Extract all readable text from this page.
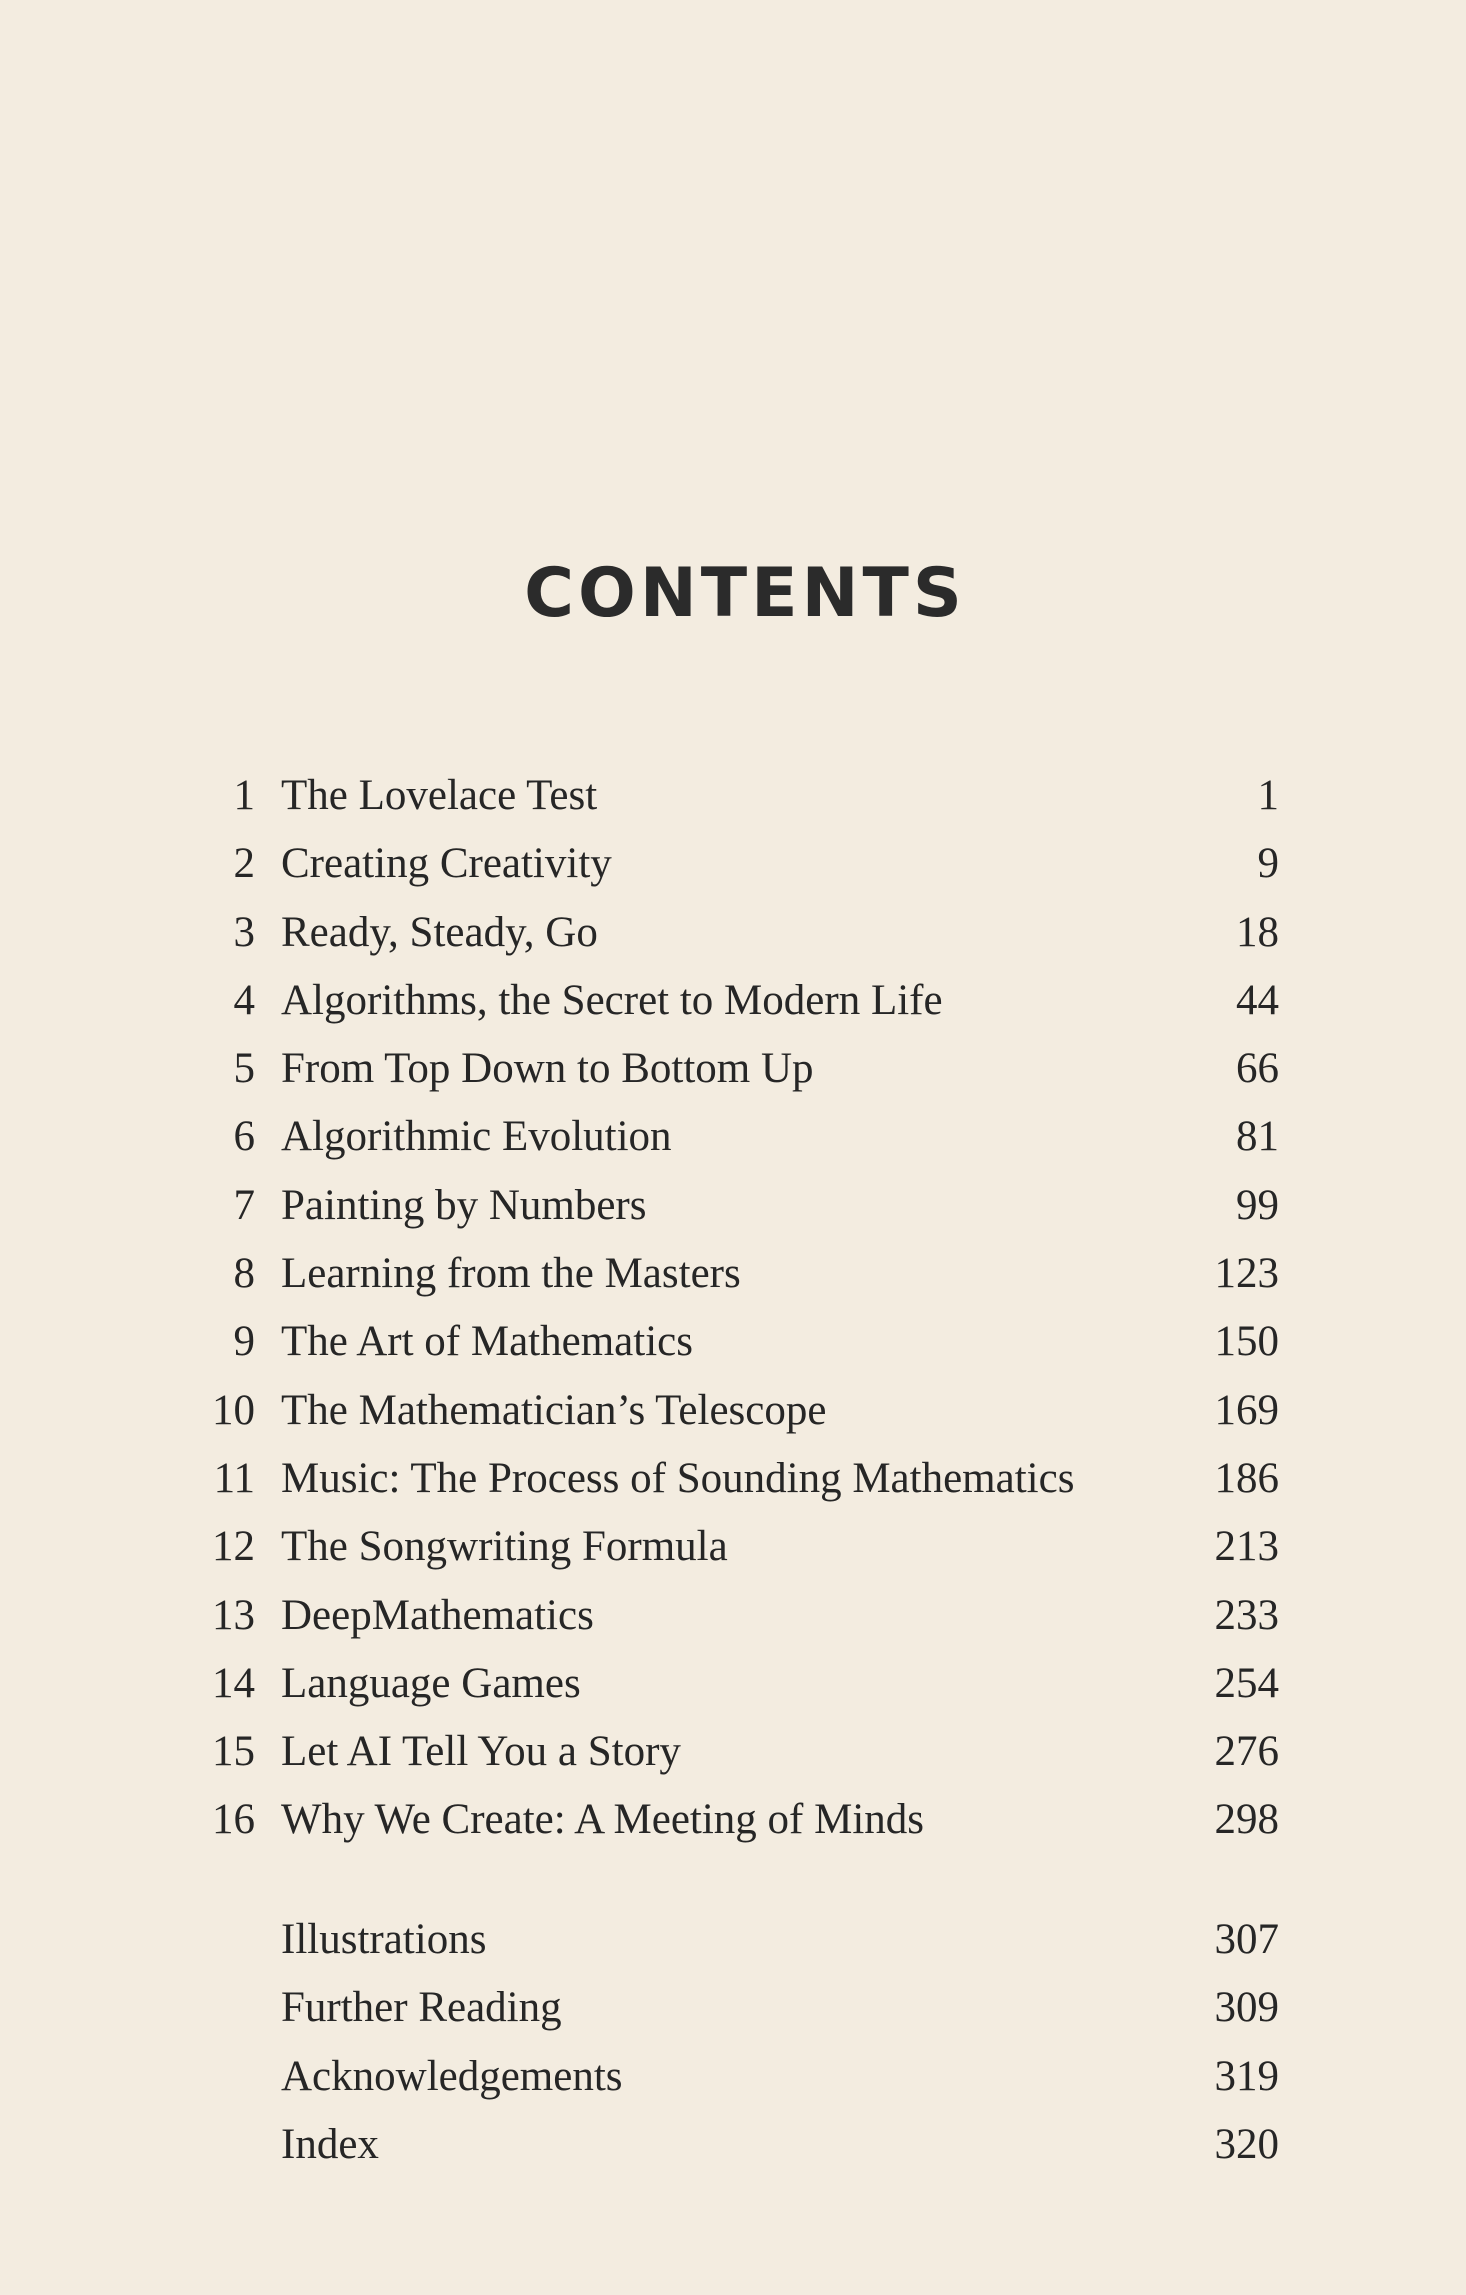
CONTENTS
1 The Lovelace Test	1
2 Creating Creativity	9
3 Ready, Steady, Go	18
4 Algorithms, the Secret to Modern Life	44
5 From Top Down to Bottom Up	66
6 Algorithmic Evolution	81
7 Painting by Numbers	99
8 Learning from the Masters	123
9 The Art of Mathematics	150
10 The Mathematician’s Telescope	169
11 Music: The Process of Sounding Mathematics	186
12 The Songwriting Formula	213
13 DeepMathematics	233
14 Language Games	254
15 Let AI Tell You a Story	276
16 Why We Create: A Meeting of Minds	298
Illustrations	307
Further Reading	309
Acknowledgements	319
Index	320
